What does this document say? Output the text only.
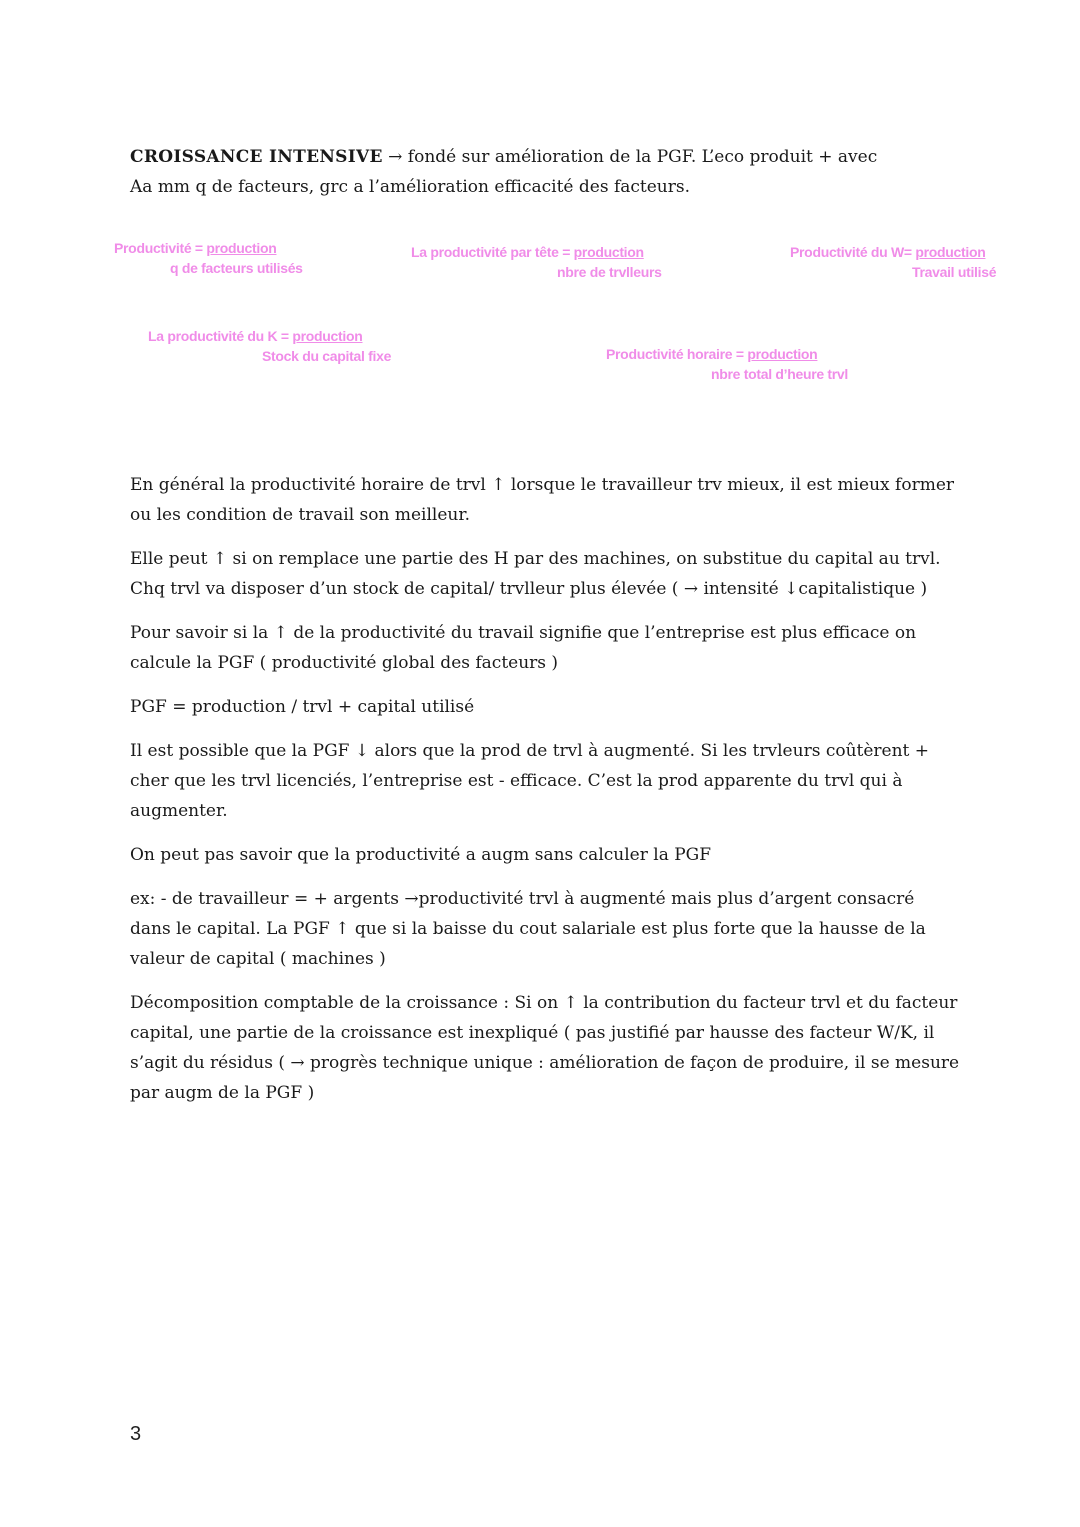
CROISSANCE INTENSIVE → fondé sur amélioration de la PGF. L’eco produit + avec
Aa mm q de facteurs, grc a l’amélioration efficacité des facteurs.

Productivité = production
q de facteurs utilisés
La productivité par tête = production
nbre de trvlleurs
Productivité du W= production
Travail utilisé
La productivité du K = production
Stock du capital fixe	Productivité horaire = production
nbre total d’heure trvl

En général la productivité horaire de trvl ↑ lorsque le travailleur trv mieux, il est mieux former ou les condition de travail son meilleur.

Elle peut ↑ si on remplace une partie des H par des machines, on substitue du capital au trvl. Chq trvl va disposer d’un stock de capital/ trvlleur plus élevée ( → intensité ↓capitalistique )

Pour savoir si la ↑ de la productivité du travail signifie que l’entreprise est plus efficace on calcule la PGF ( productivité global des facteurs )

PGF = production / trvl + capital utilisé

Il est possible que la PGF ↓ alors que la prod de trvl à augmenté. Si les trvleurs coûtèrent + cher que les trvl licenciés, l’entreprise est - efficace. C’est la prod apparente du trvl qui à augmenter.

On peut pas savoir que la productivité a augm sans calculer la PGF

ex: - de travailleur = + argents →productivité trvl à augmenté mais plus d’argent consacré dans le capital. La PGF ↑ que si la baisse du cout salariale est plus forte que la hausse de la valeur de capital ( machines )

Décomposition comptable de la croissance : Si on ↑ la contribution du facteur trvl et du facteur capital, une partie de la croissance est inexpliqué ( pas justifié par hausse des facteur W/K, il s’agit du résidus ( → progrès technique unique : amélioration de façon de produire, il se mesure par augm de la PGF )

3
